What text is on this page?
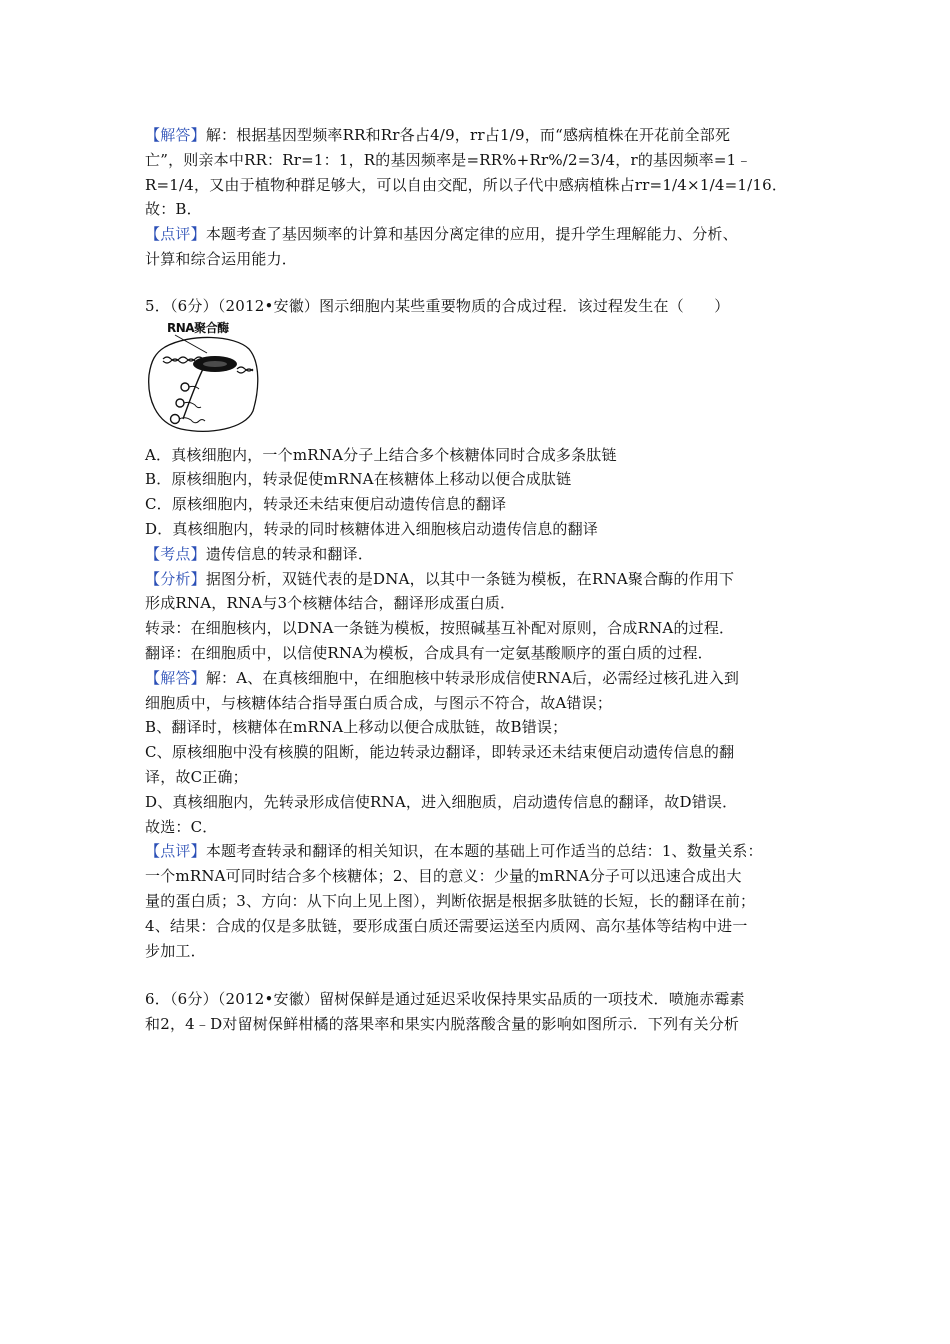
【解答】解：根据基因型频率RR和Rr各占4/9，rr占1/9，而“感病植株在开花前全部死
亡”，则亲本中RR：Rr=1：1，R的基因频率是=RR%+Rr%/2=3/4，r的基因频率=1﹣
R=1/4，又由于植物种群足够大，可以自由交配，所以子代中感病植株占rr=1/4×1/4=1/16．
故：B．
【点评】本题考查了基因频率的计算和基因分离定律的应用，提升学生理解能力、分析、
计算和综合运用能力．
5．（6分）（2012•安徽）图示细胞内某些重要物质的合成过程．该过程发生在（　　）
RNA聚合酶
A．真核细胞内，一个mRNA分子上结合多个核糖体同时合成多条肽链
B．原核细胞内，转录促使mRNA在核糖体上移动以便合成肽链
C．原核细胞内，转录还未结束便启动遗传信息的翻译
D．真核细胞内，转录的同时核糖体进入细胞核启动遗传信息的翻译
【考点】遗传信息的转录和翻译．
【分析】据图分析，双链代表的是DNA，以其中一条链为模板，在RNA聚合酶的作用下
形成RNA，RNA与3个核糖体结合，翻译形成蛋白质．
转录：在细胞核内，以DNA一条链为模板，按照碱基互补配对原则，合成RNA的过程．
翻译：在细胞质中，以信使RNA为模板，合成具有一定氨基酸顺序的蛋白质的过程．
【解答】解：A、在真核细胞中，在细胞核中转录形成信使RNA后，必需经过核孔进入到
细胞质中，与核糖体结合指导蛋白质合成，与图示不符合，故A错误；
B、翻译时，核糖体在mRNA上移动以便合成肽链，故B错误；
C、原核细胞中没有核膜的阻断，能边转录边翻译，即转录还未结束便启动遗传信息的翻
译，故C正确；
D、真核细胞内，先转录形成信使RNA，进入细胞质，启动遗传信息的翻译，故D错误．
故选：C．
【点评】本题考查转录和翻译的相关知识，在本题的基础上可作适当的总结：1、数量关系：
一个mRNA可同时结合多个核糖体；2、目的意义：少量的mRNA分子可以迅速合成出大
量的蛋白质；3、方向：从下向上见上图），判断依据是根据多肽链的长短，长的翻译在前；
4、结果：合成的仅是多肽链，要形成蛋白质还需要运送至内质网、高尔基体等结构中进一
步加工．
6．（6分）（2012•安徽）留树保鲜是通过延迟采收保持果实品质的一项技术．喷施赤霉素
和2，4﹣D对留树保鲜柑橘的落果率和果实内脱落酸含量的影响如图所示．下列有关分析
